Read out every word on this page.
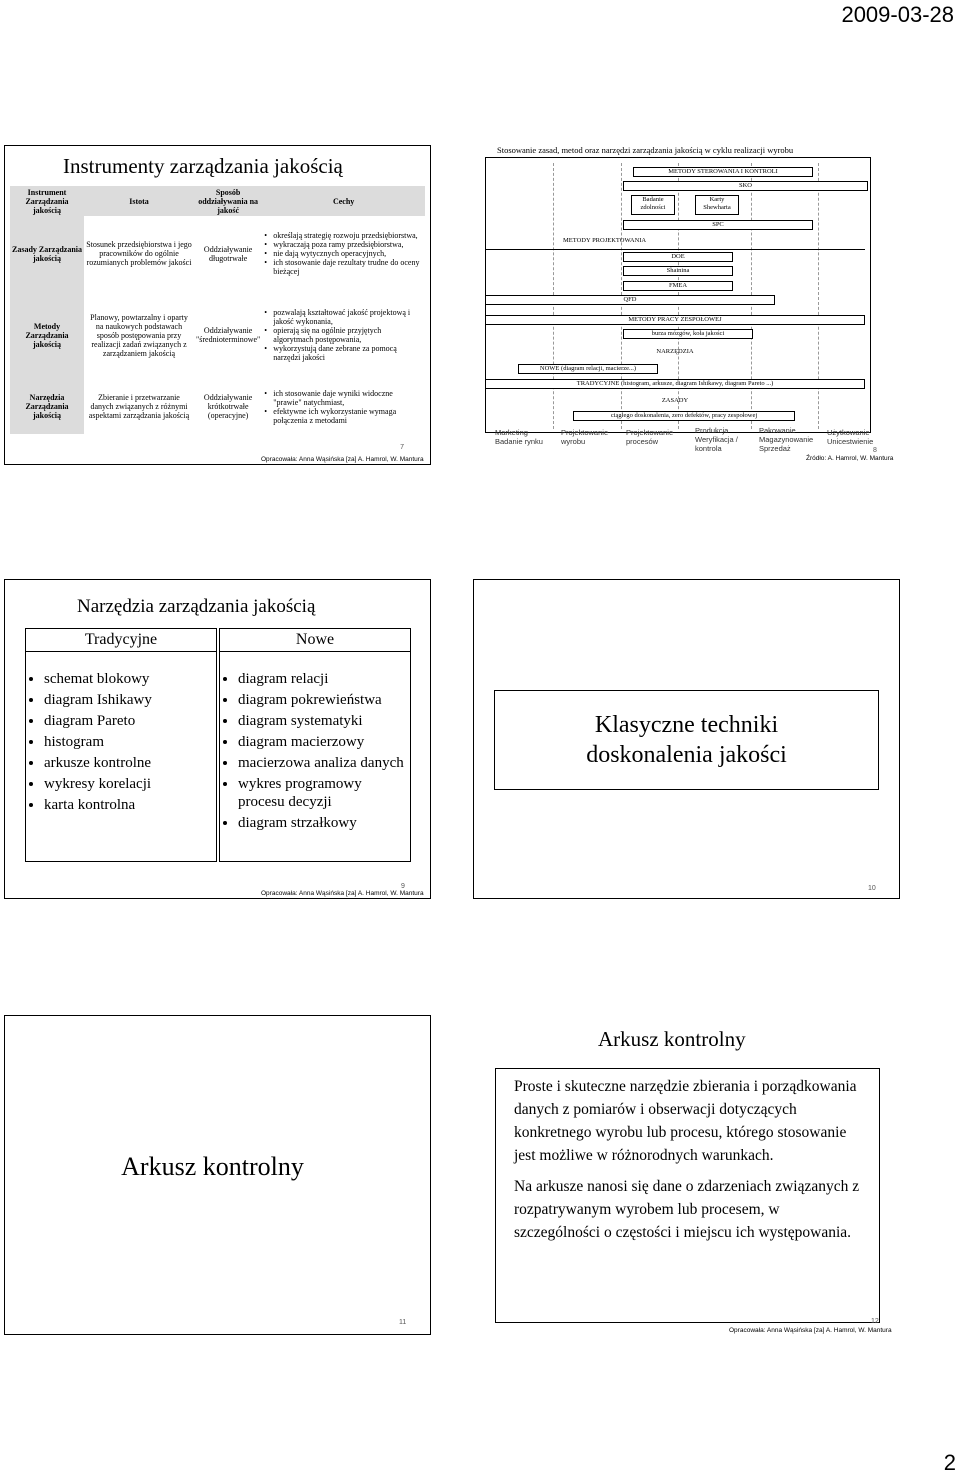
2009-03-28
Instrumenty zarządzania jakością
Instrument Zarządzania jakością	Istota	Sposób oddziaływania na jakość	Cechy
Zasady Zarządzania jakością	Stosunek przedsiębiorstwa i jego pracowników do ogólnie rozumianych problemów jakości	Oddziaływanie długotrwałe	• określają strategię rozwoju przedsiębiorstwa,
• wykraczają poza ramy przedsiębiorstwa,
• nie dają wytycznych operacyjnych,
• ich stosowanie daje rezultaty trudne do oceny bieżącej

Metody Zarządzania jakością	Planowy, powtarzalny i oparty na naukowych podstawach sposób postępowania przy realizacji zadań związanych z zarządzaniem jakością	Oddziaływanie "średnioterminowe"	• pozwalają kształtować jakość projektową i jakość wykonania,
• opierają się na ogólnie przyjętych algorytmach postępowania,
• wykorzystują dane zebrane za pomocą narzędzi jakości

Narzędzia Zarządzania jakością	Zbieranie i przetwarzanie danych związanych z różnymi aspektami zarządzania jakością	Oddziaływanie krótkotrwałe (operacyjne)	• ich stosowanie daje wyniki widoczne "prawie" natychmiast,
• efektywne ich wykorzystanie wymaga połączenia z metodami
7
Opracowała: Anna Wąsińska [za] A. Hamrol, W. Mantura
Stosowanie zasad, metod oraz narzędzi zarządzania jakością w cyklu realizacji wyrobu
METODY STEROWANIA I KONTROLI
SKO
Badanie zdolności
Karty Shewharta
SPC
METODY PROJEKTOWANIA
DOE
Shainina
FMEA
QFD
METODY PRACY ZESPOŁOWEJ
burza mózgów, koła jakości
NARZĘDZIA
NOWE (diagram relacji, macierze...)
TRADYCYJNE (histogram, arkusze, diagram Ishikawy, diagram Pareto ...)
ZASADY
ciągłego doskonalenia, zero defektów, pracy zespołowej
Marketing Badanie rynku
Projektowanie wyrobu
Projektowanie procesów
Produkcja Weryfikacja / kontrola
Pakowanie Magazynowanie Sprzedaż
Użytkowanie Unicestwienie
8
Źródło: A. Hamrol, W. Mantura
Narzędzia zarządzania jakością
Tradycyjne
• schemat blokowy
• diagram Ishikawy
• diagram Pareto
• histogram
• arkusze kontrolne
• wykresy korelacji
• karta kontrolna
Nowe
• diagram relacji
• diagram pokrewieństwa
• diagram systematyki
• diagram macierzowy
• macierzowa analiza danych
• wykres programowy procesu decyzji
• diagram strzałkowy
9
Opracowała: Anna Wąsińska [za] A. Hamrol, W. Mantura
Klasyczne techniki doskonalenia jakości
10
Arkusz kontrolny
11
Arkusz kontrolny
Proste i skuteczne narzędzie zbierania i porządkowania danych z pomiarów i obserwacji dotyczących konkretnego wyrobu lub procesu, którego stosowanie jest możliwe w różnorodnych warunkach.
Na arkusze nanosi się dane o zdarzeniach związanych z rozpatrywanym wyrobem lub procesem, w szczególności o częstości i miejscu ich występowania.
12
Opracowała: Anna Wąsińska [za] A. Hamrol, W. Mantura
2
